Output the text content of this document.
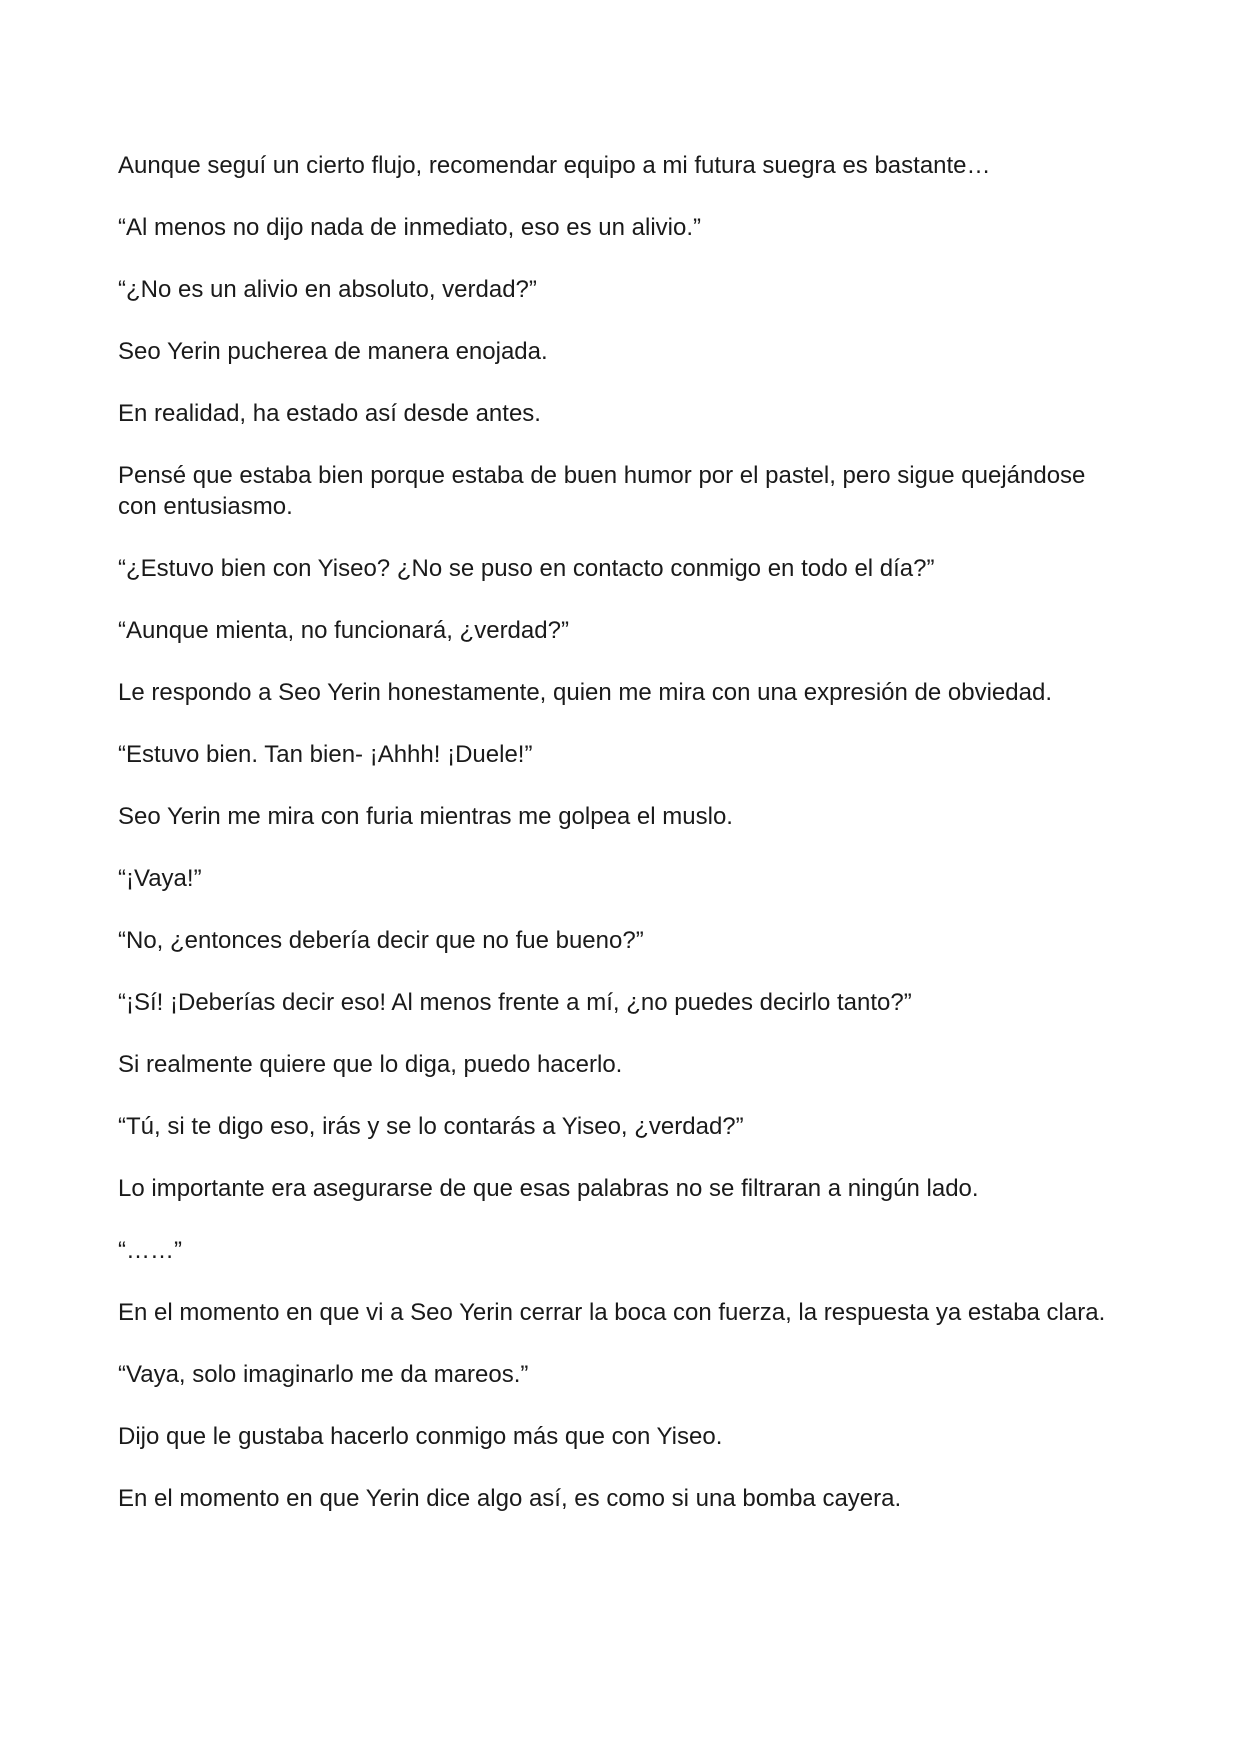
Aunque seguí un cierto flujo, recomendar equipo a mi futura suegra es bastante…

“Al menos no dijo nada de inmediato, eso es un alivio.”

“¿No es un alivio en absoluto, verdad?”

Seo Yerin pucherea de manera enojada.

En realidad, ha estado así desde antes.

Pensé que estaba bien porque estaba de buen humor por el pastel, pero sigue quejándose con entusiasmo.

“¿Estuvo bien con Yiseo? ¿No se puso en contacto conmigo en todo el día?”

“Aunque mienta, no funcionará, ¿verdad?”

Le respondo a Seo Yerin honestamente, quien me mira con una expresión de obviedad.

“Estuvo bien. Tan bien- ¡Ahhh! ¡Duele!”

Seo Yerin me mira con furia mientras me golpea el muslo.

“¡Vaya!”

“No, ¿entonces debería decir que no fue bueno?”

“¡Sí! ¡Deberías decir eso! Al menos frente a mí, ¿no puedes decirlo tanto?”

Si realmente quiere que lo diga, puedo hacerlo.

“Tú, si te digo eso, irás y se lo contarás a Yiseo, ¿verdad?”

Lo importante era asegurarse de que esas palabras no se filtraran a ningún lado.

“……”

En el momento en que vi a Seo Yerin cerrar la boca con fuerza, la respuesta ya estaba clara.

“Vaya, solo imaginarlo me da mareos.”

Dijo que le gustaba hacerlo conmigo más que con Yiseo.

En el momento en que Yerin dice algo así, es como si una bomba cayera.
